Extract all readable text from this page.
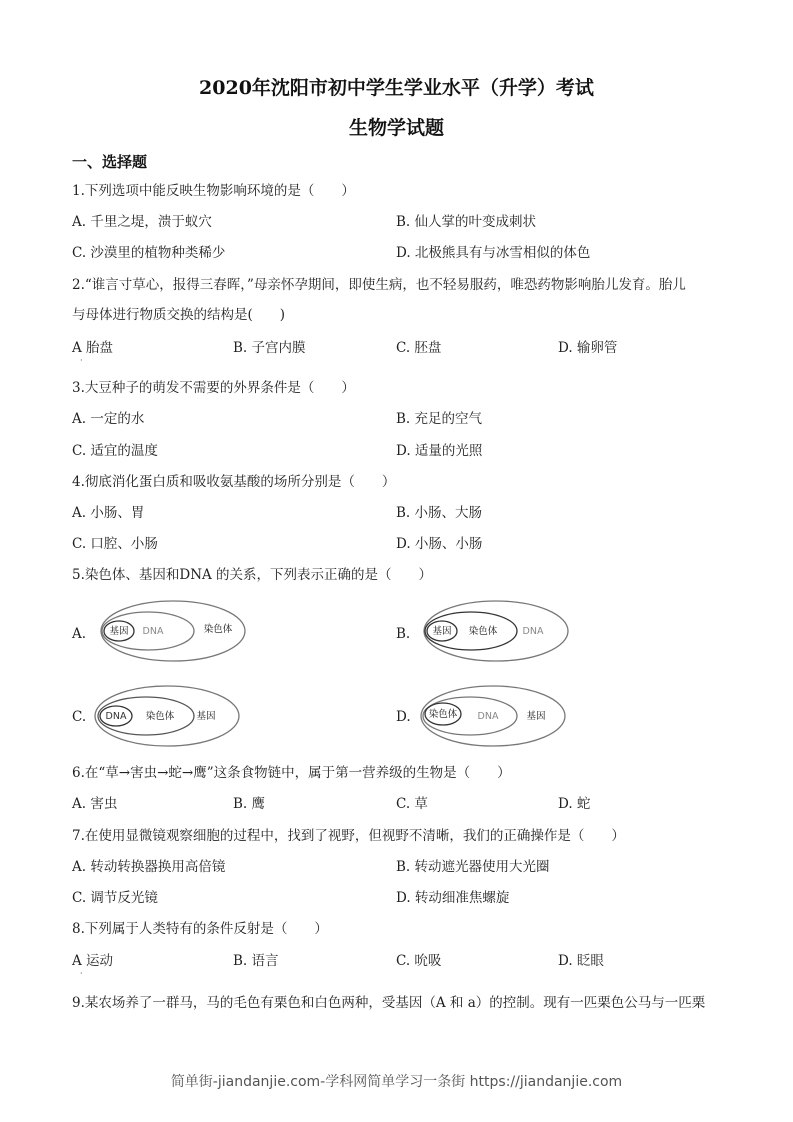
2020年沈阳市初中学生学业水平（升学）考试
生物学试题
一、选择题
1.下列选项中能反映生物影响环境的是（　　）
A. 千里之堤，溃于蚁穴	B. 仙人掌的叶变成刺状
C. 沙漠里的植物种类稀少	D. 北极熊具有与冰雪相似的体色
2.“谁言寸草心，报得三春晖，”母亲怀孕期间，即使生病，也不轻易服药，唯恐药物影响胎儿发育。胎儿
与母体进行物质交换的结构是(　　)
A 胎盘	B. 子宫内膜	C. 胚盘	D. 输卵管
·
3.大豆种子的萌发不需要的外界条件是（　　）
A. 一定的水	B. 充足的空气
C. 适宜的温度	D. 适量的光照
4.彻底消化蛋白质和吸收氨基酸的场所分别是（　　）
A. 小肠、胃	B. 小肠、大肠
C. 口腔、小肠	D. 小肠、小肠
5.染色体、基因和DNA 的关系，下列表示正确的是（　　）
A. 基因 DNA	染色体	B. 基因 染色体	DNA
C. DNA 染色体 基因	D. 染色体 DNA	基因
6.在“草→害虫→蛇→鹰”这条食物链中，属于第一营养级的生物是（　　）
A. 害虫	B. 鹰	C. 草	D. 蛇
7.在使用显微镜观察细胞的过程中，找到了视野，但视野不清晰，我们的正确操作是（　　）
A. 转动转换器换用高倍镜	B. 转动遮光器使用大光圈
C. 调节反光镜	D. 转动细准焦螺旋
8.下列属于人类特有的条件反射是（　　）
A 运动	B. 语言	C. 吮吸	D. 眨眼
·
9.某农场养了一群马，马的毛色有栗色和白色两种，受基因（A 和 a）的控制。现有一匹栗色公马与一匹栗
简单街-jiandanjie.com-学科网简单学习一条街 https://jiandanjie.com
